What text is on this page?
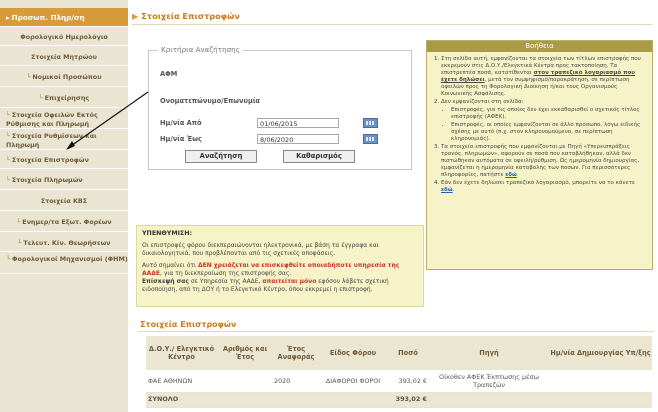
▸ Προσωπ. Πληρ/ση
Φορολογικό Ημερολόγιο
Στοιχεία Μητρώου
└ Νομικοί Προσώπου
└ Επιχείρησης
└ Στοιχεία Οφειλών Εκτός Ρύθμισης και Πληρωμή
└ Στοιχεία Ρυθμίσεων και Πληρωμή
└ Στοιχεία Επιστροφών
└ Στοιχεία Πληρωμών
Στοιχεία ΚΒΣ
└ Ενημερ/τα Εξωτ. Φορέων
└ Τελευτ. Κίν. Θεωρήσεων
└ Φορολογικοί Μηχανισμοί (ΦΗΜ)
▶ Στοιχεία Επιστροφών
Κριτήρια Αναζήτησης
ΑΦΜ
Ονοματεπώνυμο/Επωνυμία
Ημ/νία Από	01/06/2015
Ημ/νία Έως	8/06/2020
Αναζήτηση	Καθαρισμός
ΥΠΕΝΘΥΜΙΣΗ:

Οι επιστροφές φόρου διεκπεραιώνονται ηλεκτρονικά, με βάση τα έγγραφα και δικαιολογητικά, που προβλέπονται από τις σχετικές αποφάσεις.

Αυτό σημαίνει ότι ΔΕΝ χρειάζεται να επισκεφθείτε οποιαδήποτε υπηρεσία της ΑΑΔΕ, για τη διεκπεραίωση της επιστροφής σας.
Επίσκεψή σας σε Υπηρεσία της ΑΑΔΕ, απαιτείται μόνο εφόσον λάβετε σχετική ειδοποίηση, από τη ΔΟΥ ή το Ελεγκτικό Κέντρο, όπου εκκρεμεί η επιστροφή.

Βοήθεια
1. Στη σελίδα αυτή, εμφανίζονται τα στοιχεία των τίτλων επιστροφής που εκκρεμούν στις Δ.Ο.Υ./Ελεγκτικά Κέντρα προς τακτοποίηση. Τα επιστρεπτέα ποσά, κατατίθενται στον τραπεζικό λογαριασμό που έχετε δηλώσει, μετά τον συμψηφισμό/παρακράτηση, σε περίπτωση οφειλών προς τη Φορολογική Διοίκηση ή/και τους Οργανισμούς Κοινωνικής Ασφάλισης.
2. Δεν εμφανίζονται στη σελίδα:
• Επιστροφές, για τις οποίες δεν έχει εκκαθαρισθεί ο σχετικός τίτλος επιστροφής (ΑΦΕΚ).
• Επιστροφές, οι οποίες εμφανίζονται σε άλλο πρόσωπο, λόγω ειδικής σχέσης με αυτό (π.χ. στον κληρονομούμενο, σε περίπτωση κληρονομιάς).
3. Τα στοιχεία επιστροφής που εμφανίζονται με Πηγή «Υπερεισπράξεις τρανός. πληρωμών», αφορούν σε ποσά που καταβλήθηκαν, αλλά δεν πιστώθηκαν αυτόματα σε οφειλή/ρύθμιση. Ως ημερομηνία δημιουργίας, εμφανίζεται η ημερομηνία καταβολής των ποσών. Για περισσότερες πληροφορίες, πατήστε εδώ
4. Εάν δεν έχετε δηλώσει τραπεζικό λογαριασμό, μπορείτε να το κάνετε εδώ.
Στοιχεία Επιστροφών
Δ.Ο.Υ./ Ελεγκτικό Κέντρο	Αριθμός και Έτος	Έτος Αναφοράς	Είδος Φόρου	Ποσό	Πηγή	Ημ/νία Δημιουργίας Υπ/ξης
ΦΑΕ ΑΘΗΝΩΝ		2020	ΔΙΑΦΟΡΟΙ ΦΟΡΟΙ	393,02 €	Οίκοθεν ΑΦΕΚ Έκπτωσης μέσω Τραπεζών	
ΣΥΝΟΛΟ				393,02 €		
